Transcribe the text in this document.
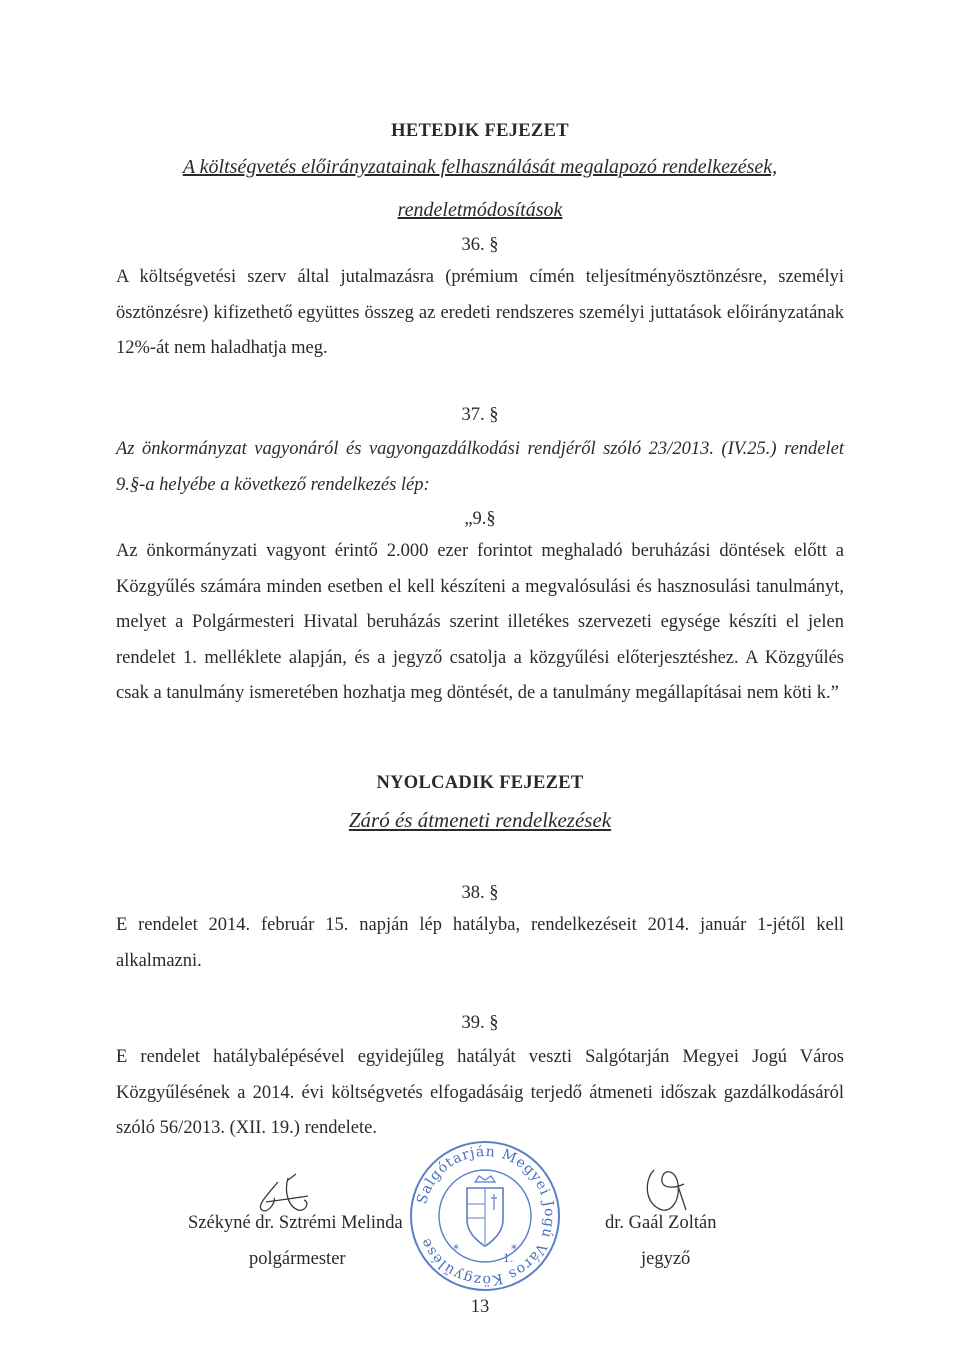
HETEDIK FEJEZET
A költségvetés előirányzatainak felhasználását megalapozó rendelkezések,
rendeletmódosítások
36. §
A költségvetési szerv által jutalmazásra (prémium címén teljesítményösztönzésre, személyi ösztönzésre) kifizethető együttes összeg az eredeti rendszeres személyi juttatások előirányzatának 12%-át nem haladhatja meg.
37. §
Az önkormányzat vagyonáról és vagyongazdálkodási rendjéről szóló 23/2013. (IV.25.) rendelet 9.§-a helyébe a következő rendelkezés lép:
„9.§
Az önkormányzati vagyont érintő 2.000 ezer forintot meghaladó beruházási döntések előtt a Közgyűlés számára minden esetben el kell készíteni a megvalósulási és hasznosulási tanulmányt, melyet a Polgármesteri Hivatal beruházás szerint illetékes szervezeti egysége készíti el jelen rendelet 1. melléklete alapján, és a jegyző csatolja a közgyűlési előterjesztéshez. A Közgyűlés csak a tanulmány ismeretében hozhatja meg döntését, de a tanulmány megállapításai nem köti k.”
NYOLCADIK FEJEZET
Záró és átmeneti rendelkezések
38. §
E rendelet 2014. február 15. napján lép hatályba, rendelkezéseit 2014. január 1-jétől kell alkalmazni.
39. §
E rendelet hatálybalépésével egyidejűleg hatályát veszti Salgótarján Megyei Jogú Város Közgyűlésének a 2014. évi költségvetés elfogadásáig terjedő átmeneti időszak gazdálkodásáról szóló 56/2013. (XII. 19.) rendelete.
Salgótarján Megyei Jogú Város Közgyűlése	*	*
1.
Székyné dr. Sztrémi Melinda
polgármester
dr. Gaál Zoltán
jegyző
13
